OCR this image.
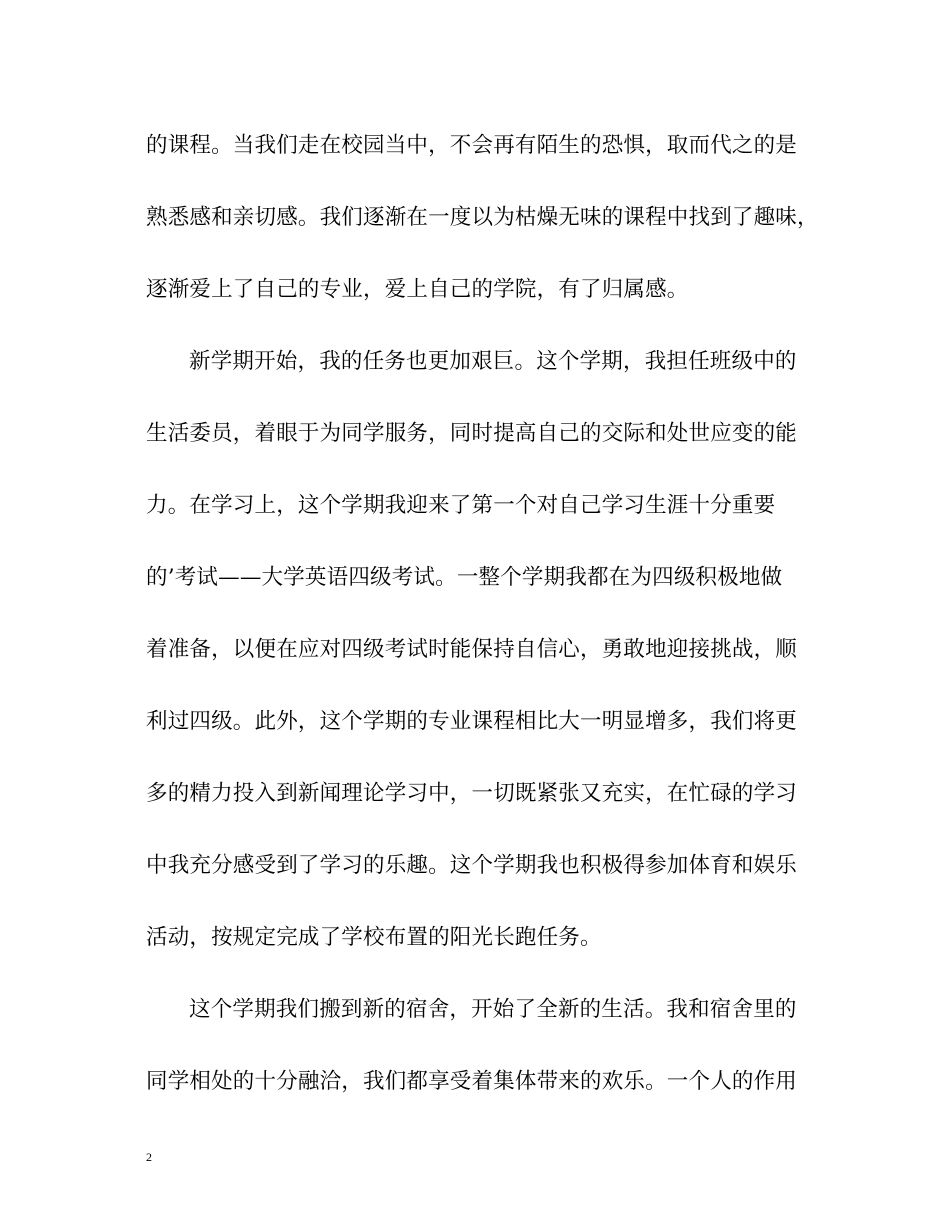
的课程。当我们走在校园当中，不会再有陌生的恐惧，取而代之的是
熟悉感和亲切感。我们逐渐在一度以为枯燥无味的课程中找到了趣味，
逐渐爱上了自己的专业，爱上自己的学院，有了归属感。
新学期开始，我的任务也更加艰巨。这个学期，我担任班级中的
生活委员，着眼于为同学服务，同时提高自己的交际和处世应变的能
力。在学习上，这个学期我迎来了第一个对自己学习生涯十分重要
的’考试——大学英语四级考试。一整个学期我都在为四级积极地做
着准备，以便在应对四级考试时能保持自信心，勇敢地迎接挑战，顺
利过四级。此外，这个学期的专业课程相比大一明显增多，我们将更
多的精力投入到新闻理论学习中，一切既紧张又充实，在忙碌的学习
中我充分感受到了学习的乐趣。这个学期我也积极得参加体育和娱乐
活动，按规定完成了学校布置的阳光长跑任务。
这个学期我们搬到新的宿舍，开始了全新的生活。我和宿舍里的
同学相处的十分融洽，我们都享受着集体带来的欢乐。一个人的作用
2
